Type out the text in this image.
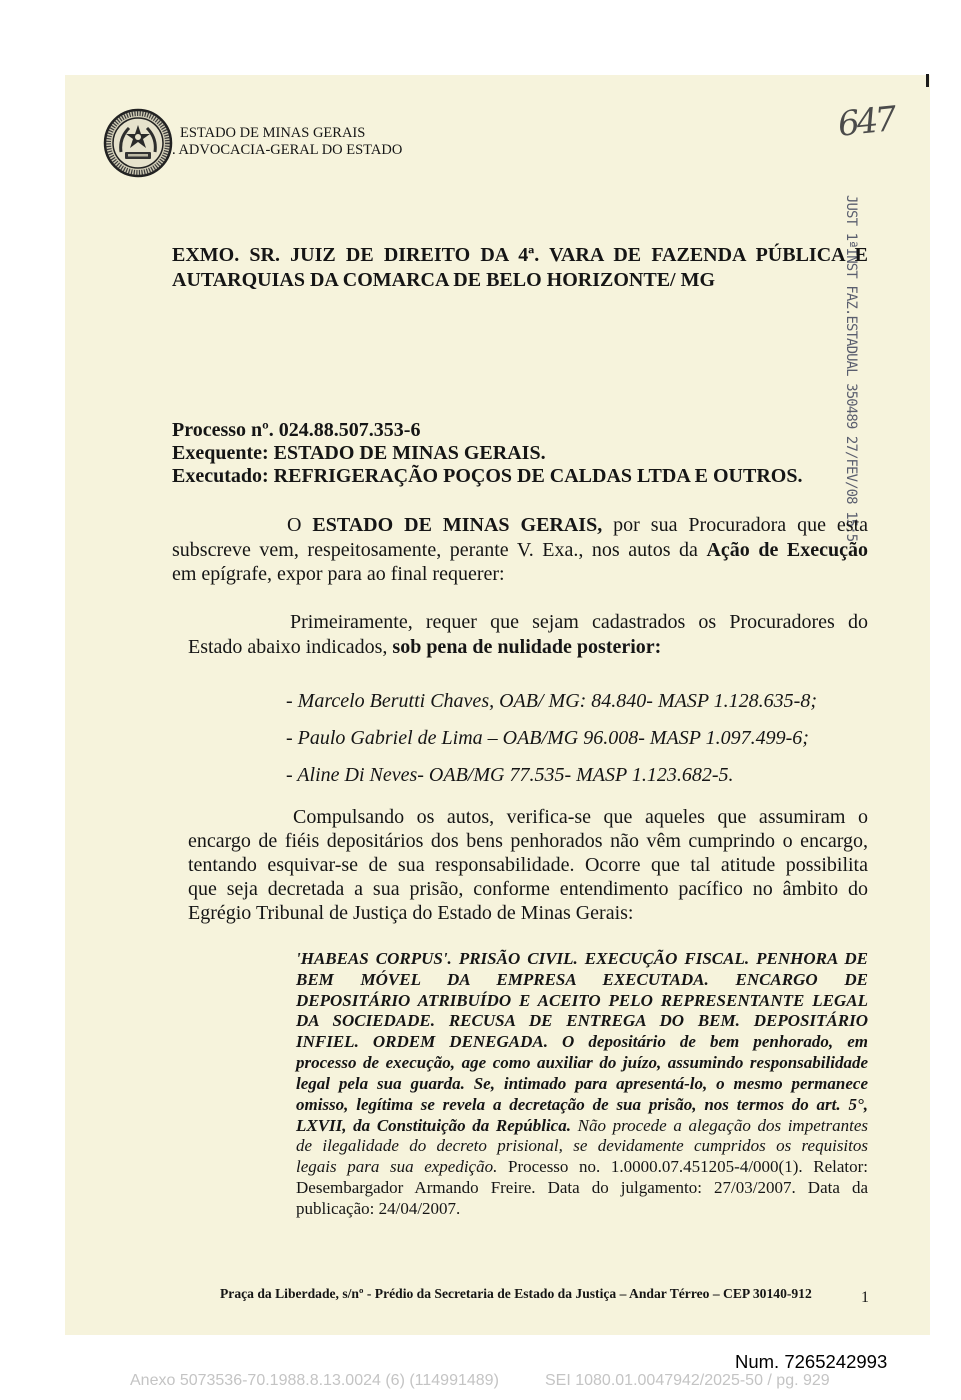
ESTADO DE MINAS GERAIS
. ADVOCACIA-GERAL DO ESTADO
647
JUST 1ªINST FAZ.ESTADUAL 350489 27/FEV/08 15:5
EXMO. SR. JUIZ DE DIREITO DA 4ª. VARA DE FAZENDA PÚBLICA E
AUTARQUIAS DA COMARCA DE BELO HORIZONTE/ MG
Processo nº. 024.88.507.353-6
Exequente: ESTADO DE MINAS GERAIS.
Executado: REFRIGERAÇÃO POÇOS DE CALDAS LTDA E OUTROS.
O ESTADO DE MINAS GERAIS, por sua Procuradora que esta
subscreve vem, respeitosamente, perante V. Exa., nos autos da Ação de Execução
em epígrafe, expor para ao final requerer:
Primeiramente, requer que sejam cadastrados os Procuradores do
Estado abaixo indicados, sob pena de nulidade posterior:
- Marcelo Berutti Chaves, OAB/ MG: 84.840- MASP 1.128.635-8;
- Paulo Gabriel de Lima – OAB/MG 96.008- MASP 1.097.499-6;
- Aline Di Neves- OAB/MG 77.535- MASP 1.123.682-5.
Compulsando os autos, verifica-se que aqueles que assumiram o
encargo de fiéis depositários dos bens penhorados não vêm cumprindo o encargo,
tentando esquivar-se de sua responsabilidade. Ocorre que tal atitude possibilita
que seja decretada a sua prisão, conforme entendimento pacífico no âmbito do
Egrégio Tribunal de Justiça do Estado de Minas Gerais:
'HABEAS CORPUS'. PRISÃO CIVIL. EXECUÇÃO FISCAL. PENHORA DE
BEM MÓVEL DA EMPRESA EXECUTADA. ENCARGO DE
DEPOSITÁRIO ATRIBUÍDO E ACEITO PELO REPRESENTANTE LEGAL
DA SOCIEDADE. RECUSA DE ENTREGA DO BEM. DEPOSITÁRIO
INFIEL. ORDEM DENEGADA. O depositário de bem penhorado, em
processo de execução, age como auxiliar do juízo, assumindo responsabilidade
legal pela sua guarda. Se, intimado para apresentá-lo, o mesmo permanece
omisso, legítima se revela a decretação de sua prisão, nos termos do art. 5°,
LXVII, da Constituição da República. Não procede a alegação dos impetrantes
de ilegalidade do decreto prisional, se devidamente cumpridos os requisitos
legais para sua expedição. Processo no. 1.0000.07.451205-4/000(1). Relator:
Desembargador Armando Freire. Data do julgamento: 27/03/2007. Data da
publicação: 24/04/2007.
Praça da Liberdade, s/nº - Prédio da Secretaria de Estado da Justiça – Andar Térreo – CEP 30140-912	1
Num. 7265242993
Anexo 5073536-70.1988.8.13.0024 (6) (114991489)	SEI 1080.01.0047942/2025-50 / pg. 929
